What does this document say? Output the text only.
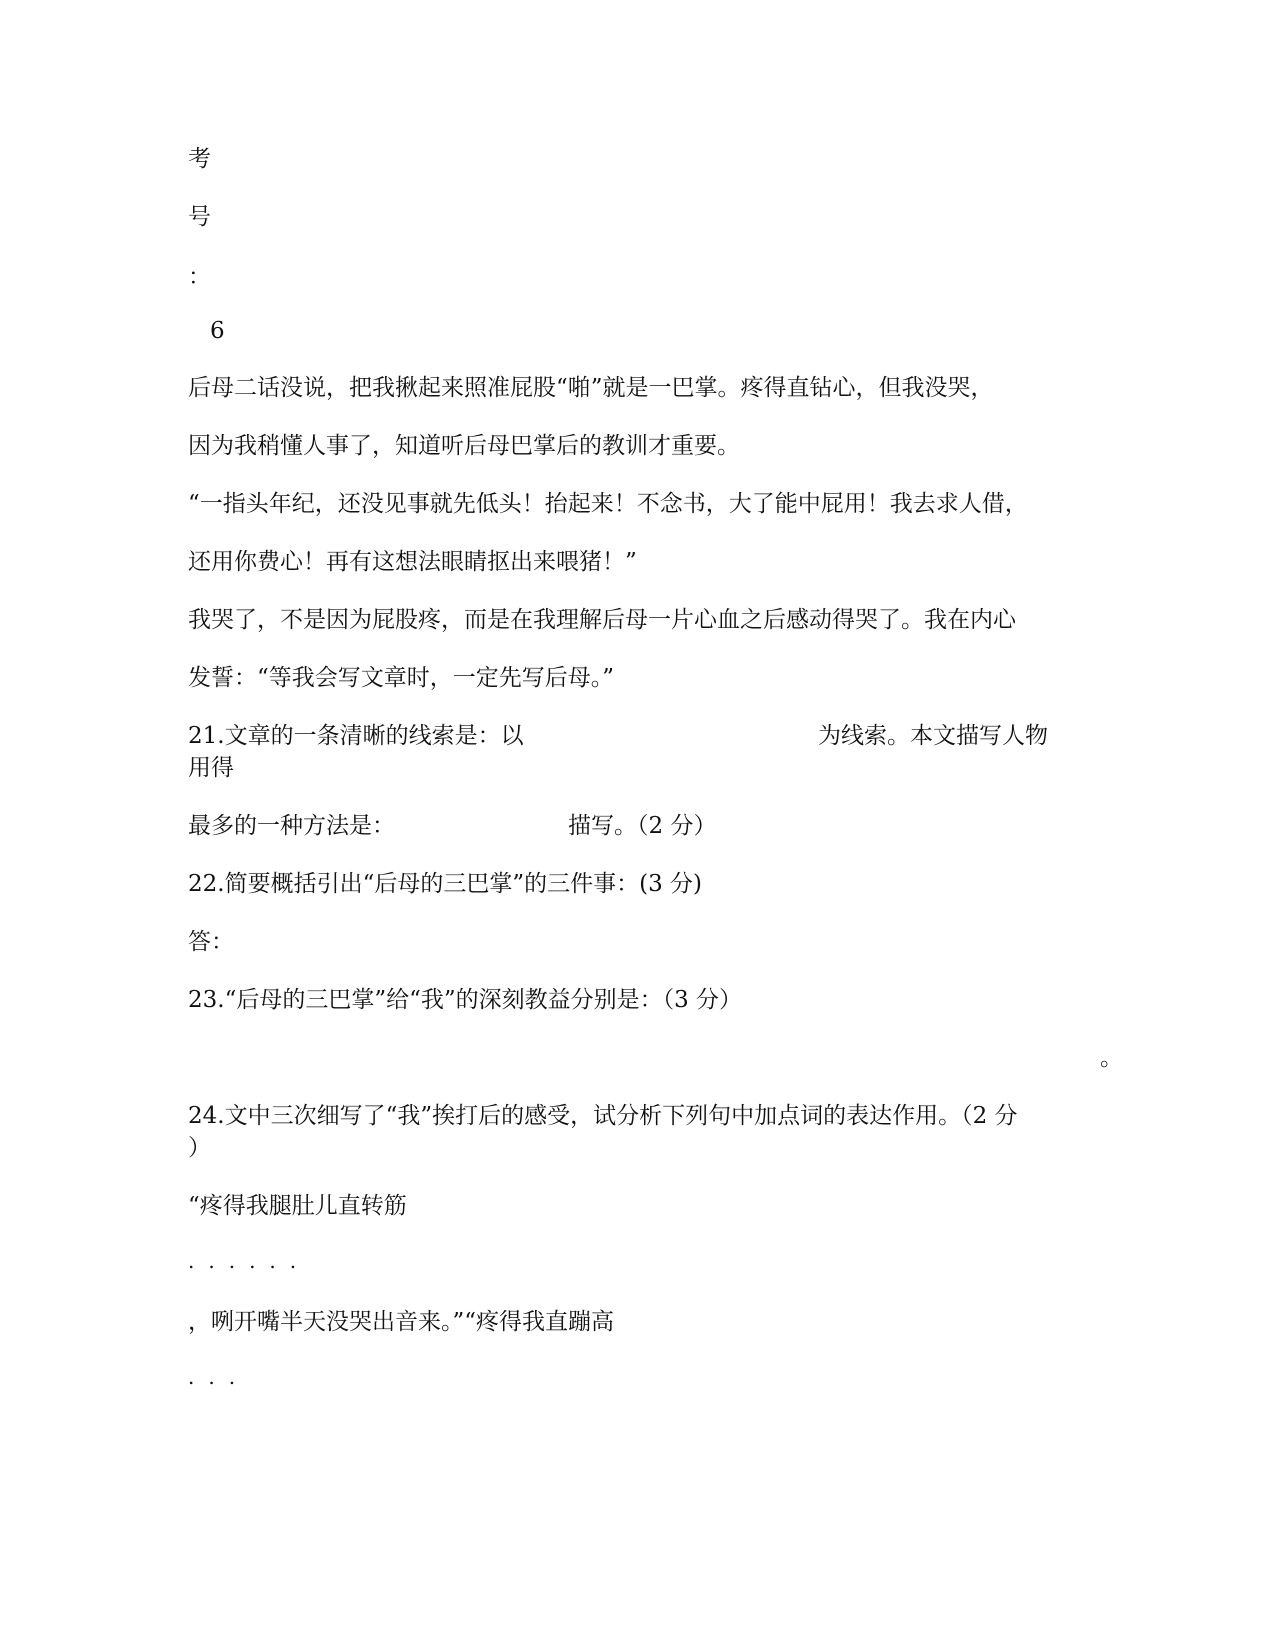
考
号
：
6
后母二话没说，把我揪起来照准屁股“啪”就是一巴掌。疼得直钻心，但我没哭，
因为我稍懂人事了，知道听后母巴掌后的教训才重要。
“一指头年纪，还没见事就先低头！抬起来！不念书，大了能中屁用！我去求人借，
还用你费心！再有这想法眼睛抠出来喂猪！”
我哭了，不是因为屁股疼，而是在我理解后母一片心血之后感动得哭了。我在内心
发誓：“等我会写文章时，一定先写后母。”
21.文章的一条清晰的线索是：以	为线索。本文描写人物
用得
最多的一种方法是：	描写。（2 分）
22.简要概括引出“后母的三巴掌”的三件事：(3 分)
答：
23.“后母的三巴掌”给“我”的深刻教益分别是：（3 分）
。
24.文中三次细写了“我”挨打后的感受，试分析下列句中加点词的表达作用。（2 分
）
“疼得我腿肚儿直转筋
......
，咧开嘴半天没哭出音来。”“疼得我直蹦高
...
